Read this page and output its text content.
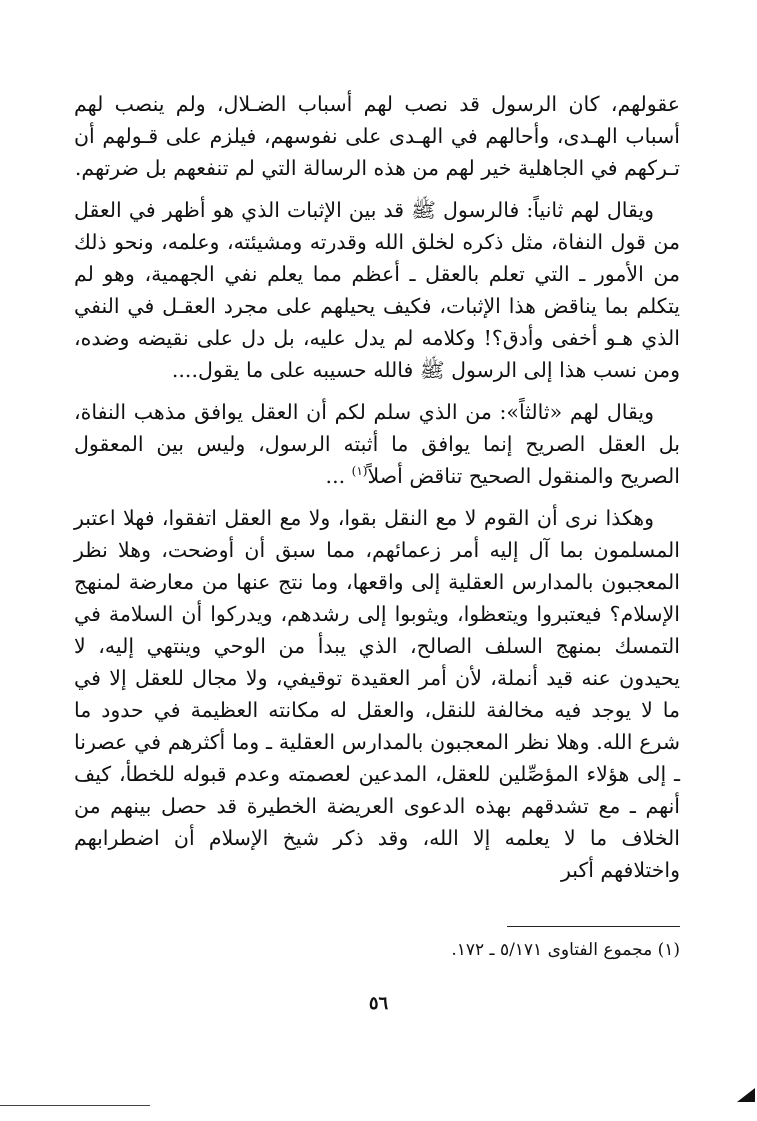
عقولهم، كان الرسول قد نصب لهم أسباب الضـلال، ولم ينصب لهم أسباب الهـدى، وأحالهم في الهـدى على نفوسهم، فيلزم على قـولهم أن تـركهم في الجاهلية خير لهم من هذه الرسالة التي لم تنفعهم بل ضرتهم.

ويقال لهم ثانياً: فالرسول ﷺ قد بين الإثبات الذي هو أظهر في العقل من قول النفاة، مثل ذكره لخلق الله وقدرته ومشيئته، وعلمه، ونحو ذلك من الأمور ـ التي تعلم بالعقل ـ أعظم مما يعلم نفي الجهمية، وهو لم يتكلم بما يناقض هذا الإثبات، فكيف يحيلهم على مجرد العقـل في النفي الذي هـو أخفى وأدق؟! وكلامه لم يدل عليه، بل دل على نقيضه وضده، ومن نسب هذا إلى الرسول ﷺ فالله حسيبه على ما يقول....

ويقال لهم «ثالثاً»: من الذي سلم لكم أن العقل يوافق مذهب النفاة، بل العقل الصريح إنما يوافق ما أثبته الرسول، وليس بين المعقول الصريح والمنقول الصحيح تناقض أصلاً$^{(١)}$ ...

وهكذا نرى أن القوم لا مع النقل بقوا، ولا مع العقل اتفقوا، فهلا اعتبر المسلمون بما آل إليه أمر زعمائهم، مما سبق أن أوضحت، وهلا نظر المعجبون بالمدارس العقلية إلى واقعها، وما نتج عنها من معارضة لمنهج الإسلام؟ فيعتبروا ويتعظوا، ويثوبوا إلى رشدهم، ويدركوا أن السلامة في التمسك بمنهج السلف الصالح، الذي يبدأ من الوحي وينتهي إليه، لا يحيدون عنه قيد أنملة، لأن أمر العقيدة توقيفي، ولا مجال للعقل إلا في ما لا يوجد فيه مخالفة للنقل، والعقل له مكانته العظيمة في حدود ما شرع الله. وهلا نظر المعجبون بالمدارس العقلية ـ وما أكثرهم في عصرنا ـ إلى هؤلاء المؤصِّلين للعقل، المدعين لعصمته وعدم قبوله للخطأ، كيف أنهم ـ مع تشدقهم بهذه الدعوى العريضة الخطيرة قد حصل بينهم من الخلاف ما لا يعلمه إلا الله، وقد ذكر شيخ الإسلام أن اضطرابهم واختلافهم أكبر

(١) مجموع الفتاوى ٥/١٧١ ـ ١٧٢.
٥٦
